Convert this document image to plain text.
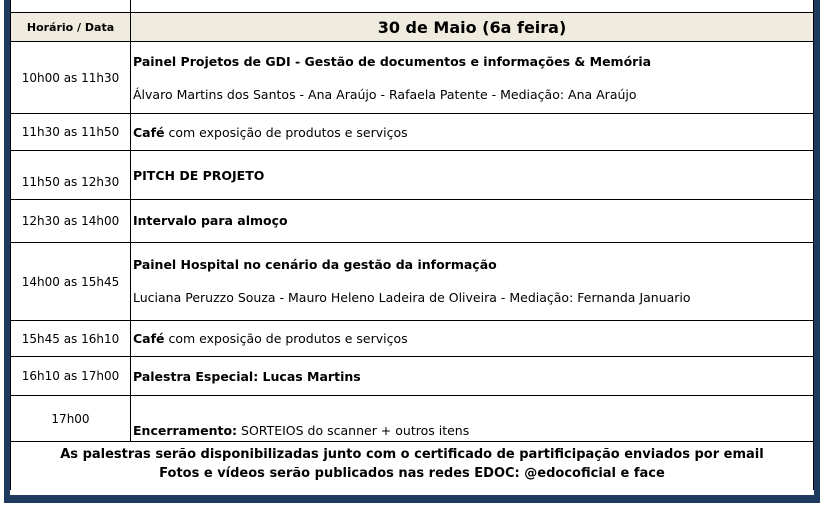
Horário / Data	30 de Maio (6a feira)
10h00 as 11h30	Painel Projetos de GDI - Gestão de documentos e informações & Memória
Álvaro Martins dos Santos - Ana Araújo - Rafaela Patente - Mediação: Ana Araújo

11h30 as 11h50	Café com exposição de produtos e serviços

11h50 as 12h30	PITCH DE PROJETO

12h30 as 14h00	Intervalo para almoço

14h00 as 15h45	Painel Hospital no cenário da gestão da informação
Luciana Peruzzo Souza - Mauro Heleno Ladeira de Oliveira - Mediação: Fernanda Januario

15h45 as 16h10	Café com exposição de produtos e serviços

16h10 as 17h00	Palestra Especial: Lucas Martins

17h00	Encerramento: SORTEIOS do scanner + outros itens

As palestras serão disponibilizadas junto com o certificado de partificipação enviados por email	
Fotos e vídeos serão publicados nas redes EDOC: @edocoficial e face	
